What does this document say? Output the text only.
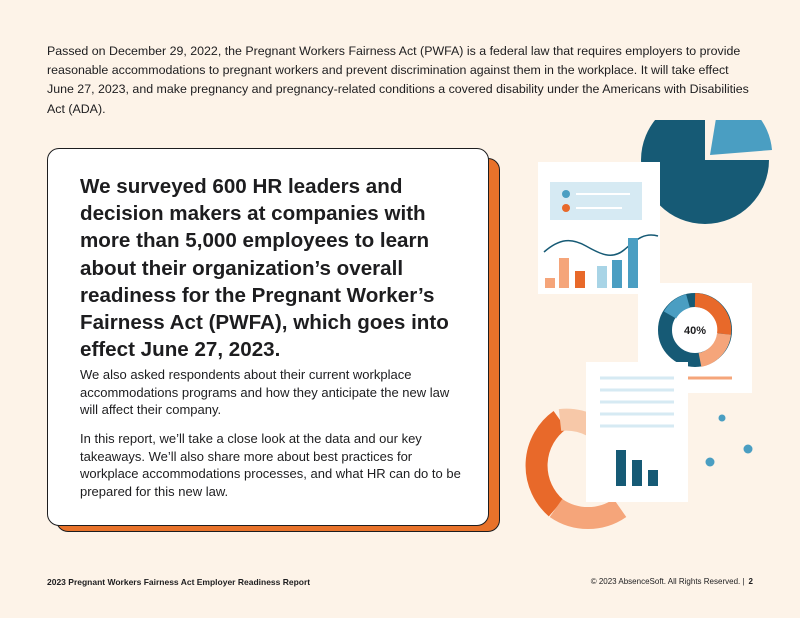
Passed on December 29, 2022, the Pregnant Workers Fairness Act (PWFA) is a federal law that requires employers to provide reasonable accommodations to pregnant workers and prevent discrimination against them in the workplace. It will take effect June 27, 2023, and make pregnancy and pregnancy-related conditions a covered disability under the Americans with Disabilities Act (ADA).
We surveyed 600 HR leaders and decision makers at companies with more than 5,000 employees to learn about their organization’s overall readiness for the Pregnant Worker’s Fairness Act (PWFA), which goes into effect June 27, 2023.

We also asked respondents about their current workplace accommodations programs and how they anticipate the new law will affect their company.

In this report, we’ll take a close look at the data and our key takeaways. We’ll also share more about best practices for workplace accommodations processes, and what HR can do to be prepared for this new law.

40%
2023 Pregnant Workers Fairness Act Employer Readiness Report	© 2023 AbsenceSoft. All Rights Reserved. | 2
